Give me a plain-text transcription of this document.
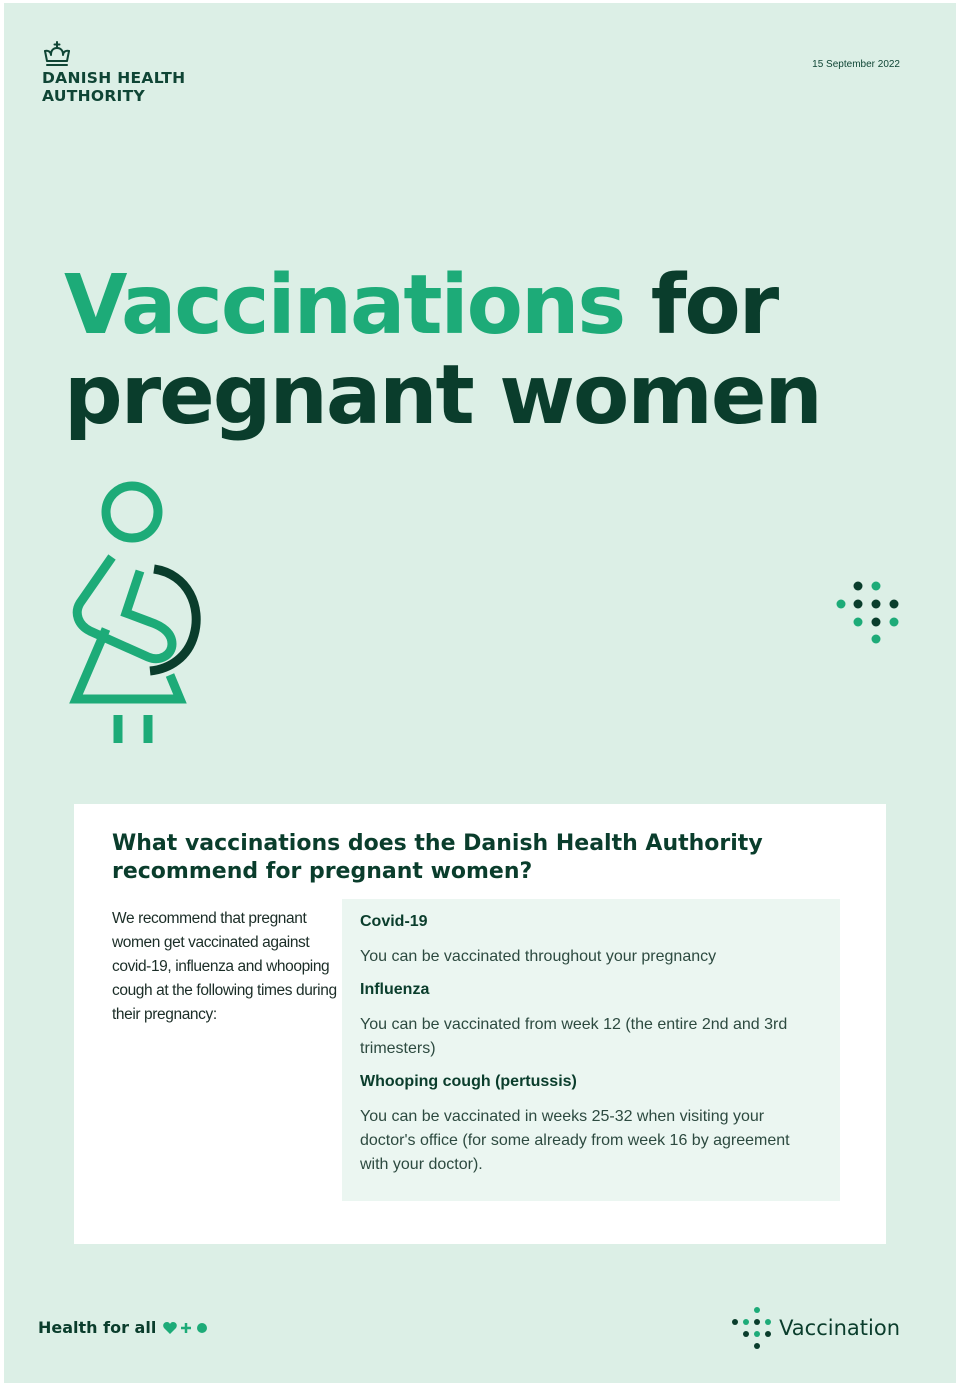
DANISH HEALTH
AUTHORITY
15 September 2022
Vaccinations for
pregnant women
What vaccinations does the Danish Health Authority recommend for pregnant women?

We recommend that pregnant women get vaccinated against covid-19, influenza and whooping cough at the following times during their pregnancy:

Covid-19

You can be vaccinated throughout your pregnancy

Influenza

You can be vaccinated from week 12 (the entire 2nd and 3rd trimesters)

Whooping cough (pertussis)

You can be vaccinated in weeks 25-32 when visiting your doctor's office (for some already from week 16 by agreement with your doctor).

Health for all	Vaccination
